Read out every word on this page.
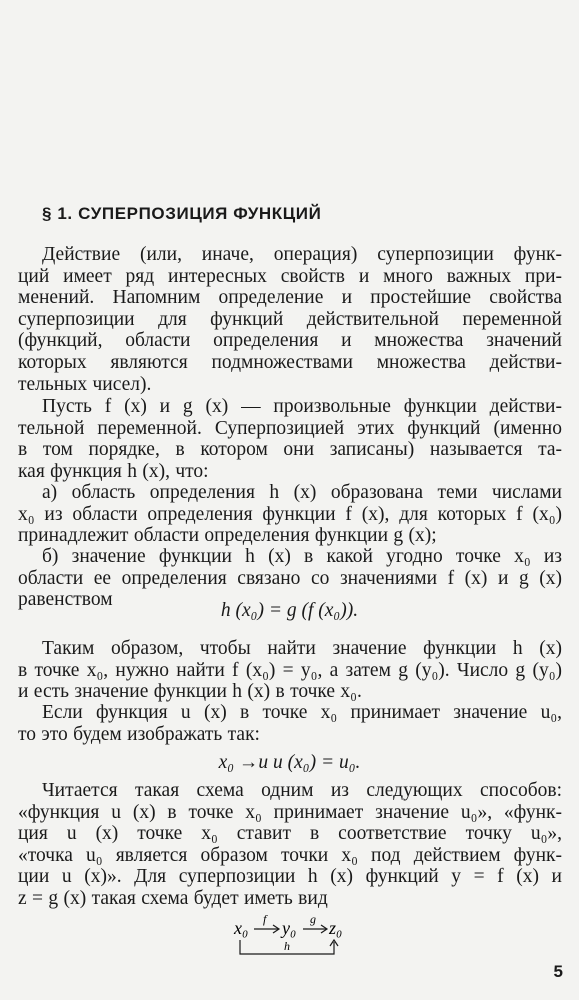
§ 1. СУПЕРПОЗИЦИЯ ФУНКЦИЙ
Действие (или, иначе, операция) суперпозиции функ-
ций имеет ряд интересных свойств и много важных при-
менений. Напомним определение и простейшие свойства
суперпозиции для функций действительной переменной
(функций, области определения и множества значений
которых являются подмножествами множества действи-
тельных чисел).
Пусть f (x) и g (x) — произвольные функции действи-
тельной переменной. Суперпозицией этих функций (именно
в том порядке, в котором они записаны) называется та-
кая функция h (x), что:
а) область определения h (x) образована теми числами
x₀ из области определения функции f (x), для которых f (x₀)
принадлежит области определения функции g (x);
б) значение функции h (x) в какой угодно точке x₀ из
области ее определения связано со значениями f (x) и g (x)
равенством
h (x₀) = g (f (x₀)).
Таким образом, чтобы найти значение функции h (x)
в точке x₀, нужно найти f (x₀) = y₀, а затем g (y₀). Число g (y₀)
и есть значение функции h (x) в точке x₀.
Если функция u (x) в точке x₀ принимает значение u₀,
то это будем изображать так:
x₀ →u u (x₀) = u₀.
Читается такая схема одним из следующих способов:
«функция u (x) в точке x₀ принимает значение u₀», «функ-
ция u (x) точке x₀ ставит в соответствие точку u₀»,
«точка u₀ является образом точки x₀ под действием функ-
ции u (x)». Для суперпозиции h (x) функций y = f (x) и
z = g (x) такая схема будет иметь вид
x₀ f y₀ g z₀
h
5
